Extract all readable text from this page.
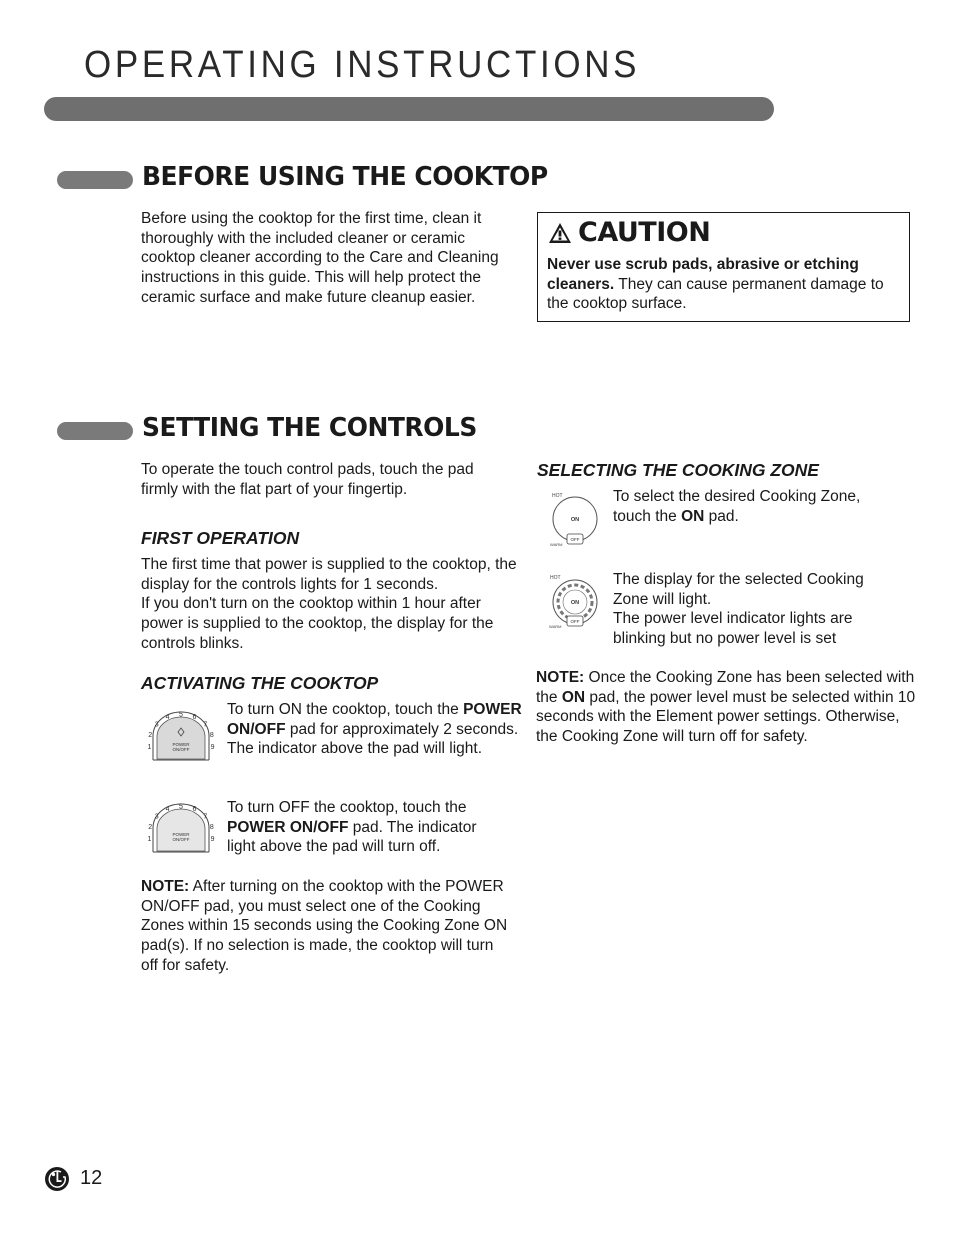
OPERATING INSTRUCTIONS
BEFORE USING THE COOKTOP
Before using the cooktop for the first time, clean it thoroughly with the included cleaner or ceramic cooktop cleaner according to the Care and Cleaning instructions in this guide. This will help protect the ceramic surface and make future cleanup easier.
CAUTION
Never use scrub pads, abrasive or etching cleaners. They can cause permanent damage to the cooktop surface.
SETTING THE CONTROLS
To operate the touch control pads, touch the pad firmly with the flat part of your fingertip.
FIRST OPERATION
The first time that power is supplied to the cooktop, the display for the controls lights for 1 seconds.
If you don't turn on the cooktop within 1 hour after power is supplied to the cooktop, the display for the controls blinks.
ACTIVATING THE COOKTOP
1
2
3
4 5 6
7
8
9
POWER ON/OFF
To turn ON the cooktop, touch the POWER ON/OFF pad for approximately 2 seconds.
The indicator above the pad will light.
1
2
3
4 5 6
7
8
9
POWER ON/OFF
To turn OFF the cooktop, touch the POWER ON/OFF pad. The indicator light above the pad will turn off.
NOTE: After turning on the cooktop with the POWER ON/OFF pad, you must select one of the Cooking Zones within 15 seconds using the Cooking Zone ON pad(s). If no selection is made, the cooktop will turn off for safety.
SELECTING THE COOKING ZONE
HOT
ON
OFF
WARM
To select the desired Cooking Zone, touch the ON pad.
HOT
ON
OFF
WARM
The display for the selected Cooking Zone will light.
The power level indicator lights are blinking but no power level is set
NOTE: Once the Cooking Zone has been selected with the ON pad, the power level must be selected within 10 seconds with the Element power settings. Otherwise, the Cooking Zone will turn off for safety.
12
